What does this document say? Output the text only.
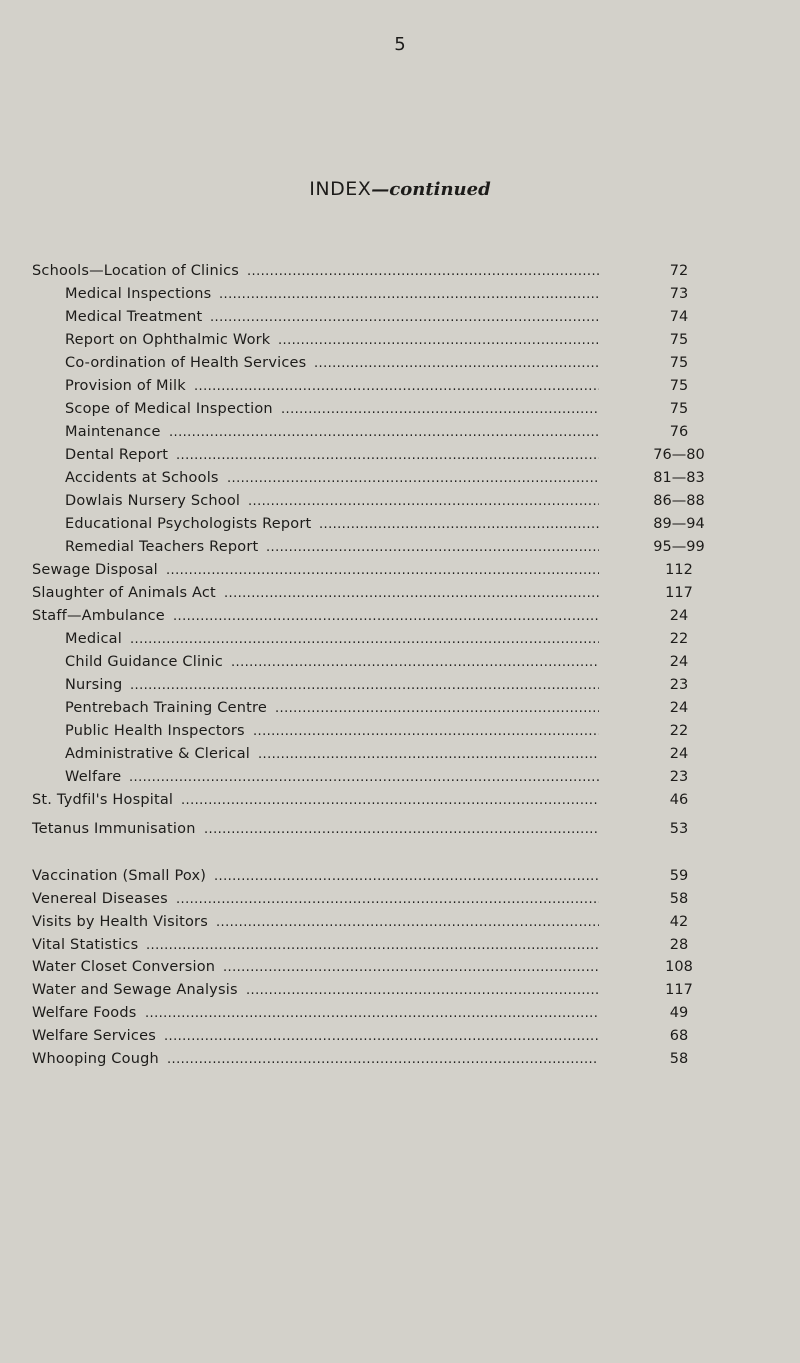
5
INDEX—continued
Schools—Location of Clinics .....	72
Medical Inspections .....	73
Medical Treatment .....	74
Report on Ophthalmic Work .....	75
Co-ordination of Health Services .....	75
Provision of Milk .....	75
Scope of Medical Inspection .....	75
Maintenance .....	76
Dental Report .....	76—80
Accidents at Schools .....	81—83
Dowlais Nursery School .....	86—88
Educational Psychologists Report .....	89—94
Remedial Teachers Report .....	95—99
Sewage Disposal .....	112
Slaughter of Animals Act .....	117
Staff—Ambulance .....	24
Medical .....	22
Child Guidance Clinic .....	24
Nursing .....	23
Pentrebach Training Centre .....	24
Public Health Inspectors .....	22
Administrative & Clerical .....	24
Welfare .....	23
St. Tydfil's Hospital .....	46
Tetanus Immunisation .....	53
Vaccination (Small Pox) .....	59
Venereal Diseases .....	58
Visits by Health Visitors .....	42
Vital Statistics .....	28
Water Closet Conversion .....	108
Water and Sewage Analysis .....	117
Welfare Foods .....	49
Welfare Services .....	68
Whooping Cough .....	58
